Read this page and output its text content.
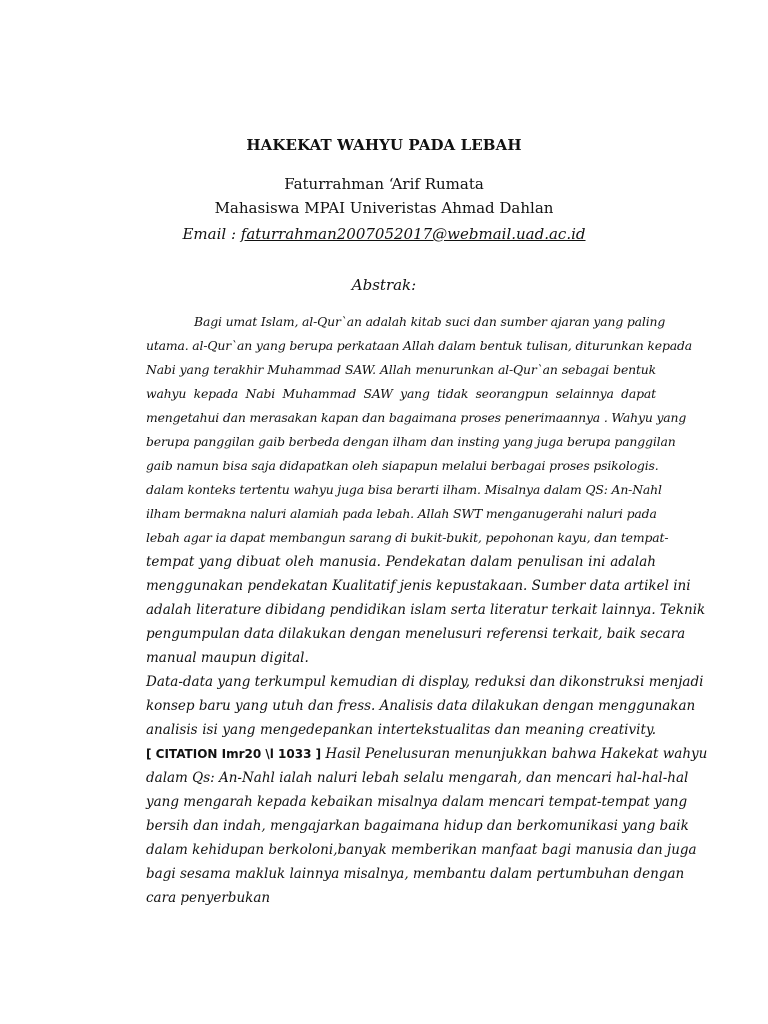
HAKEKAT WAHYU PADA LEBAH
Faturrahman ‘Arif Rumata
Mahasiswa MPAI Univeristas Ahmad Dahlan
Email : faturrahman2007052017@webmail.uad.ac.id
Abstrak:
Bagi umat Islam, al-Qur`an adalah kitab suci dan sumber ajaran yang paling
utama. al-Qur`an yang berupa perkataan Allah dalam bentuk tulisan, diturunkan kepada
Nabi yang terakhir Muhammad SAW. Allah menurunkan al-Qur`an sebagai bentuk
wahyu kepada Nabi Muhammad SAW yang tidak seorangpun selainnya dapat
mengetahui dan merasakan kapan dan bagaimana proses penerimaannya . Wahyu yang
berupa panggilan gaib berbeda dengan ilham dan insting yang juga berupa panggilan
gaib namun bisa saja didapatkan oleh siapapun melalui berbagai proses psikologis.
dalam konteks tertentu wahyu juga bisa berarti ilham. Misalnya dalam QS: An-Nahl
ilham bermakna naluri alamiah pada lebah. Allah SWT menganugerahi naluri pada
lebah agar ia dapat membangun sarang di bukit-bukit, pepohonan kayu, dan tempat-
tempat yang dibuat oleh manusia. Pendekatan dalam penulisan ini adalah
menggunakan pendekatan Kualitatif jenis kepustakaan. Sumber data artikel ini
adalah literature dibidang pendidikan islam serta literatur terkait lainnya. Teknik
pengumpulan data dilakukan dengan menelusuri referensi terkait, baik secara
manual maupun digital.
Data-data yang terkumpul kemudian di display, reduksi dan dikonstruksi menjadi
konsep baru yang utuh dan fress. Analisis data dilakukan dengan menggunakan
analisis isi yang mengedepankan intertekstualitas dan meaning creativity.
[ CITATION Imr20 \l 1033 ] Hasil Penelusuran menunjukkan bahwa Hakekat wahyu
dalam Qs: An-Nahl ialah naluri lebah selalu mengarah, dan mencari hal-hal-hal
yang mengarah kepada kebaikan misalnya dalam mencari tempat-tempat yang
bersih dan indah, mengajarkan bagaimana hidup dan berkomunikasi yang baik
dalam kehidupan berkoloni,banyak memberikan manfaat bagi manusia dan juga
bagi sesama makluk lainnya misalnya, membantu dalam pertumbuhan dengan
cara penyerbukan
